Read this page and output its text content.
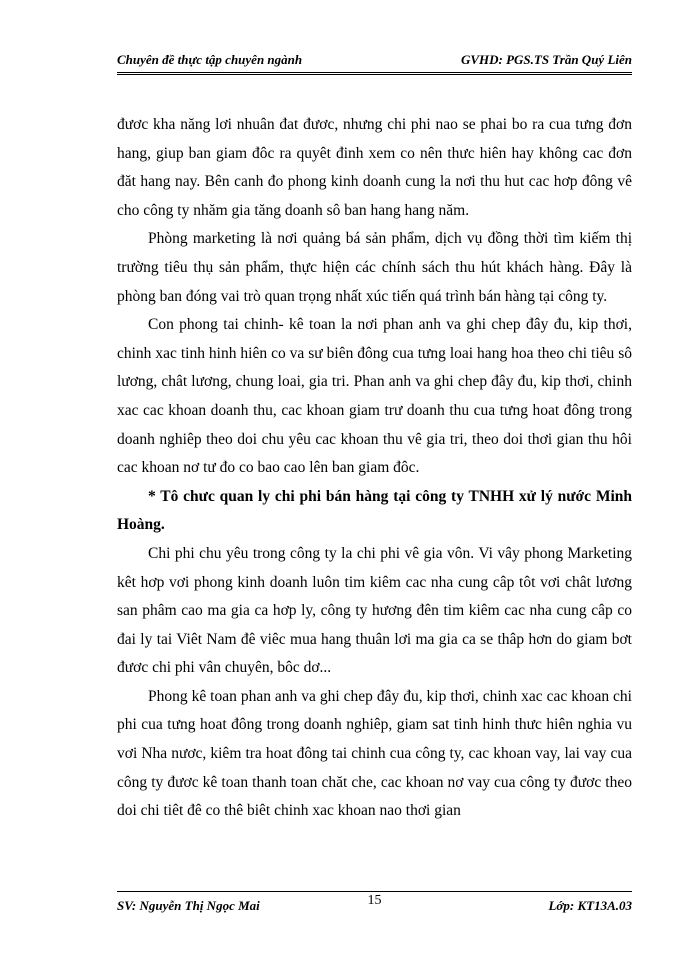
Chuyên đề thực tập chuyên ngành	GVHD: PGS.TS Trần Quý Liên

đươc kha năng lơi nhuân đat đươc, nhưng chi phi nao se phai bo ra cua tưng đơn hang, giup ban giam đôc ra quyêt đinh xem co nên thưc hiên hay không cac đơn đăt hang nay. Bên canh đo phong kinh doanh cung la nơi thu hut cac hơp đông vê cho công ty nhăm gia tăng doanh sô ban hang hang năm.

Phòng marketing là nơi quảng bá sản phẩm, dịch vụ đồng thời tìm kiếm thị trường tiêu thụ sản phẩm, thực hiện các chính sách thu hút khách hàng. Đây là phòng ban đóng vai trò quan trọng nhất xúc tiến quá trình bán hàng tại công ty.

Con phong tai chinh- kê toan la nơi phan anh va ghi chep đây đu, kip thơi, chinh xac tinh hinh hiên co va sư biên đông cua tưng loai hang hoa theo chi tiêu sô lương, chât lương, chung loai, gia tri. Phan anh va ghi chep đây đu, kip thơi, chinh xac cac khoan doanh thu, cac khoan giam trư doanh thu cua tưng hoat đông trong doanh nghiêp theo doi chu yêu cac khoan thu vê gia tri, theo doi thơi gian thu hôi cac khoan nơ tư đo co bao cao lên ban giam đôc.

* Tô chưc quan ly chi phi bán hàng tại công ty TNHH xử lý nước Minh Hoàng.

Chi phi chu yêu trong công ty la chi phi vê gia vôn. Vi vây phong Marketing kêt hơp vơi phong kinh doanh luôn tim kiêm cac nha cung câp tôt vơi chât lương san phâm cao ma gia ca hơp ly, công ty hương đên tim kiêm cac nha cung câp co đai ly tai Viêt Nam đê viêc mua hang thuân lơi ma gia ca se thâp hơn do giam bơt đươc chi phi vân chuyên, bôc dơ...

Phong kê toan phan anh va ghi chep đây đu, kip thơi, chinh xac cac khoan chi phi cua tưng hoat đông trong doanh nghiêp, giam sat tinh hinh thưc hiên nghia vu vơi Nha nươc, kiêm tra hoat đông tai chinh cua công ty, cac khoan vay, lai vay cua công ty đươc kê toan thanh toan chăt che, cac khoan nơ vay cua công ty đươc theo doi chi tiêt đê co thê biêt chinh xac khoan nao thơi gian

SV: Nguyễn Thị Ngọc Mai	15	Lớp: KT13A.03
